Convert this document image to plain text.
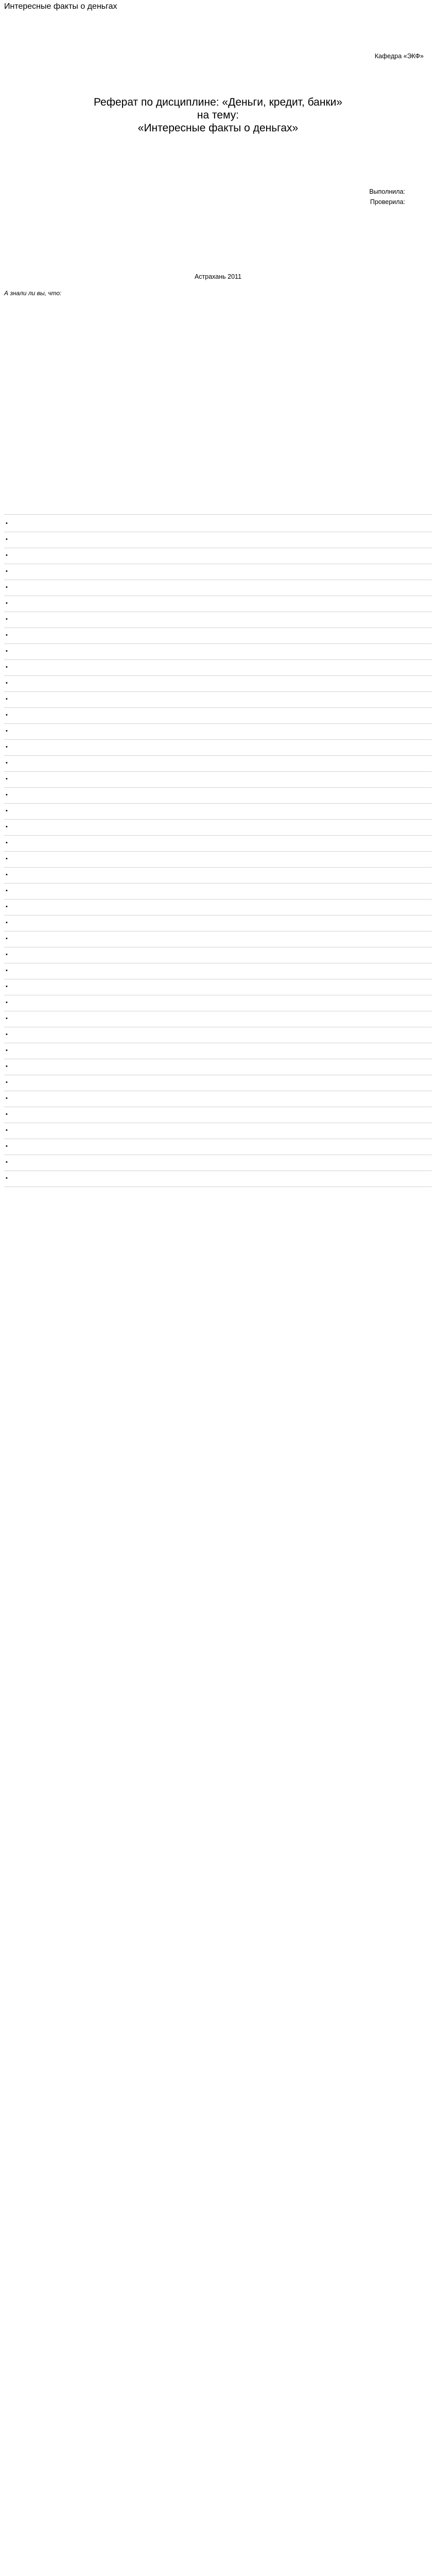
Интересные факты о деньгах
Кафедра «ЭКФ»
Реферат по дисциплине: «Деньги, кредит, банки»
на тему:
«Интересные факты о деньгах»
Выполнила:
Проверила:
Астрахань 2011

А знали ли вы, что:

•
•
•
•
•
•
•
•
•
•
•
•
•
•
•
•
•
•
•
•
•
•
•
•
•
•
•
•
•
•
•
•
•
•
•
•
•
•
•
•
•
•
